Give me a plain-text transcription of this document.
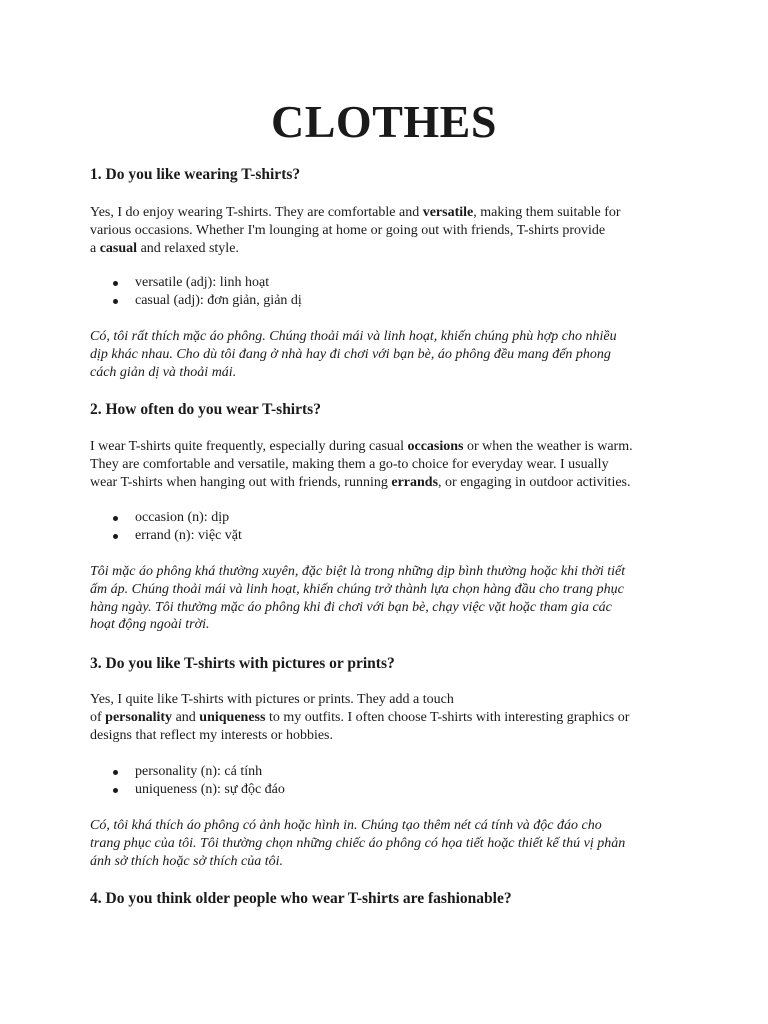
CLOTHES
1. Do you like wearing T-shirts?

Yes, I do enjoy wearing T-shirts. They are comfortable and versatile, making them suitable for
various occasions. Whether I'm lounging at home or going out with friends, T-shirts provide
a casual and relaxed style.

versatile (adj): linh hoạt
casual (adj): đơn giản, giản dị

Có, tôi rất thích mặc áo phông. Chúng thoải mái và linh hoạt, khiến chúng phù hợp cho nhiều
dịp khác nhau. Cho dù tôi đang ở nhà hay đi chơi với bạn bè, áo phông đều mang đến phong
cách giản dị và thoải mái.

2. How often do you wear T-shirts?

I wear T-shirts quite frequently, especially during casual occasions or when the weather is warm.
They are comfortable and versatile, making them a go-to choice for everyday wear. I usually
wear T-shirts when hanging out with friends, running errands, or engaging in outdoor activities.

occasion (n): dịp
errand (n): việc vặt

Tôi mặc áo phông khá thường xuyên, đặc biệt là trong những dịp bình thường hoặc khi thời tiết
ấm áp. Chúng thoải mái và linh hoạt, khiến chúng trở thành lựa chọn hàng đầu cho trang phục
hàng ngày. Tôi thường mặc áo phông khi đi chơi với bạn bè, chạy việc vặt hoặc tham gia các
hoạt động ngoài trời.

3. Do you like T-shirts with pictures or prints?

Yes, I quite like T-shirts with pictures or prints. They add a touch
of personality and uniqueness to my outfits. I often choose T-shirts with interesting graphics or
designs that reflect my interests or hobbies.

personality (n): cá tính
uniqueness (n): sự độc đáo

Có, tôi khá thích áo phông có ảnh hoặc hình in. Chúng tạo thêm nét cá tính và độc đáo cho
trang phục của tôi. Tôi thường chọn những chiếc áo phông có họa tiết hoặc thiết kế thú vị phản
ánh sở thích hoặc sở thích của tôi.

4. Do you think older people who wear T-shirts are fashionable?
